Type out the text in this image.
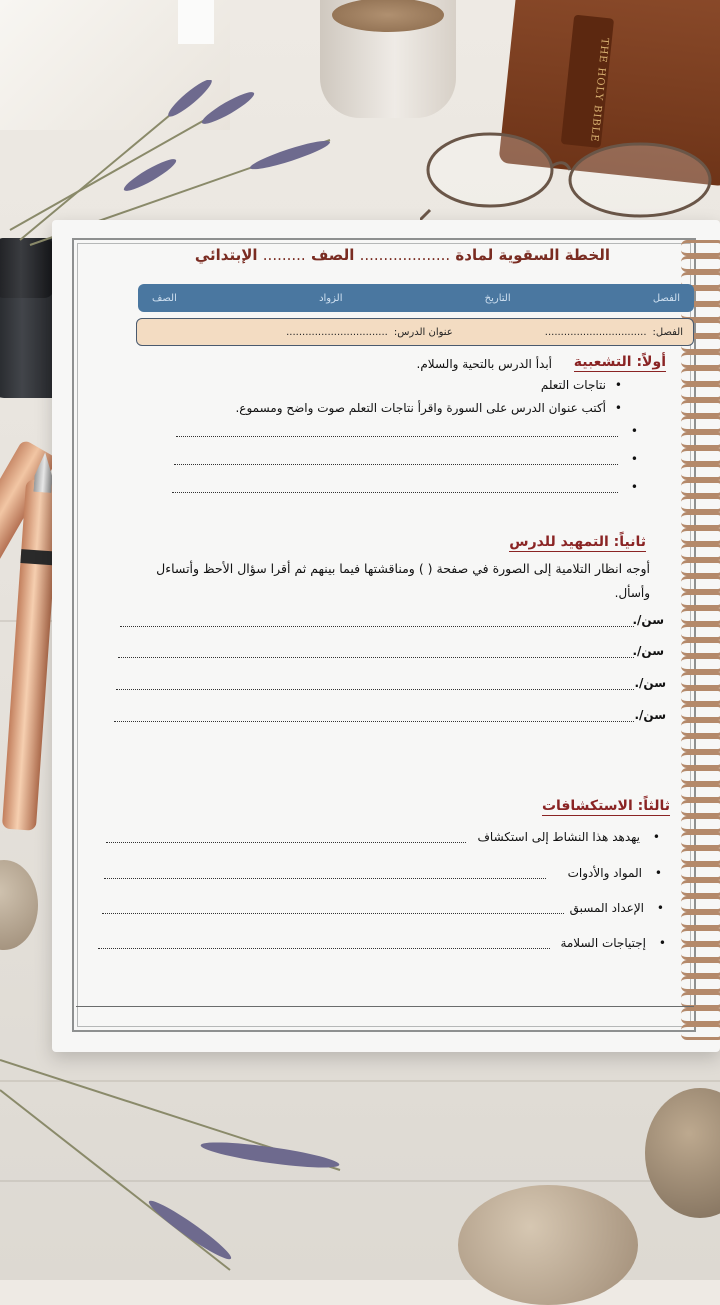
THE HOLY BIBLE
الخطة السقوية لمادة ................... الصف ......... الإبتدائي
الفصل
التاريخ
الزواد
الصف
الفصل:
................................
عنوان الدرس:
................................
أولاً: التشعبية
أبدأ الدرس بالتحية والسلام.
نتاجات التعلم •
أكتب عنوان الدرس على السورة واقرأ نتاجات التعلم صوت واضح ومسموع. •
•
•
•
ثانياً: التمهيد للدرس
أوجه انظار التلامية إلى الصورة في صفحة ( ) ومناقشتها فيما بينهم ثم أقرا سؤال الأحظ وأتساءل
وأسأل.
سن/.
سن/.
سن/.
سن/.
ثالثاً: الاستكشافات
•
يهدهد هذا النشاط إلى استكشاف
•
المواد والأدوات
•
الإعداد المسبق
•
إجتياجات السلامة
